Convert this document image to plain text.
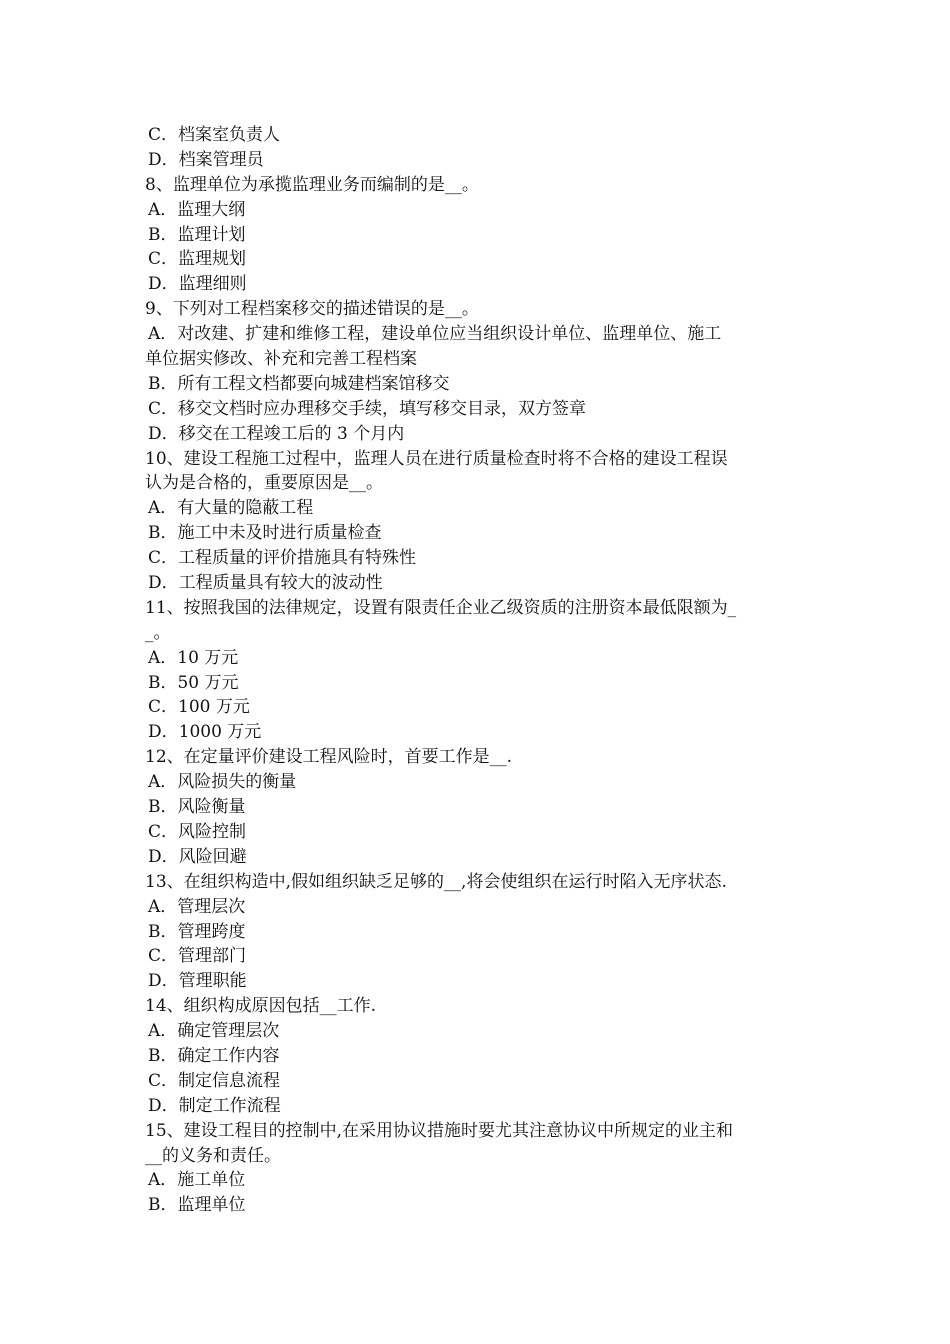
C．档案室负责人
D．档案管理员
8、监理单位为承揽监理业务而编制的是__。
A．监理大纲
B．监理计划
C．监理规划
D．监理细则
9、下列对工程档案移交的描述错误的是__。
A．对改建、扩建和维修工程，建设单位应当组织设计单位、监理单位、施工
单位据实修改、补充和完善工程档案
B．所有工程文档都要向城建档案馆移交
C．移交文档时应办理移交手续，填写移交目录，双方签章
D．移交在工程竣工后的 3 个月内
10、建设工程施工过程中，监理人员在进行质量检查时将不合格的建设工程误
认为是合格的，重要原因是__。
A．有大量的隐蔽工程
B．施工中未及时进行质量检查
C．工程质量的评价措施具有特殊性
D．工程质量具有较大的波动性
11、按照我国的法律规定，设置有限责任企业乙级资质的注册资本最低限额为_
_。
A．10 万元
B．50 万元
C．100 万元
D．1000 万元
12、在定量评价建设工程风险时，首要工作是__.
A．风险损失的衡量
B．风险衡量
C．风险控制
D．风险回避
13、在组织构造中,假如组织缺乏足够的__,将会使组织在运行时陷入无序状态.
A．管理层次
B．管理跨度
C．管理部门
D．管理职能
14、组织构成原因包括__工作.
A．确定管理层次
B．确定工作内容
C．制定信息流程
D．制定工作流程
15、建设工程目的控制中,在采用协议措施时要尤其注意协议中所规定的业主和
__的义务和责任。
A．施工单位
B．监理单位
